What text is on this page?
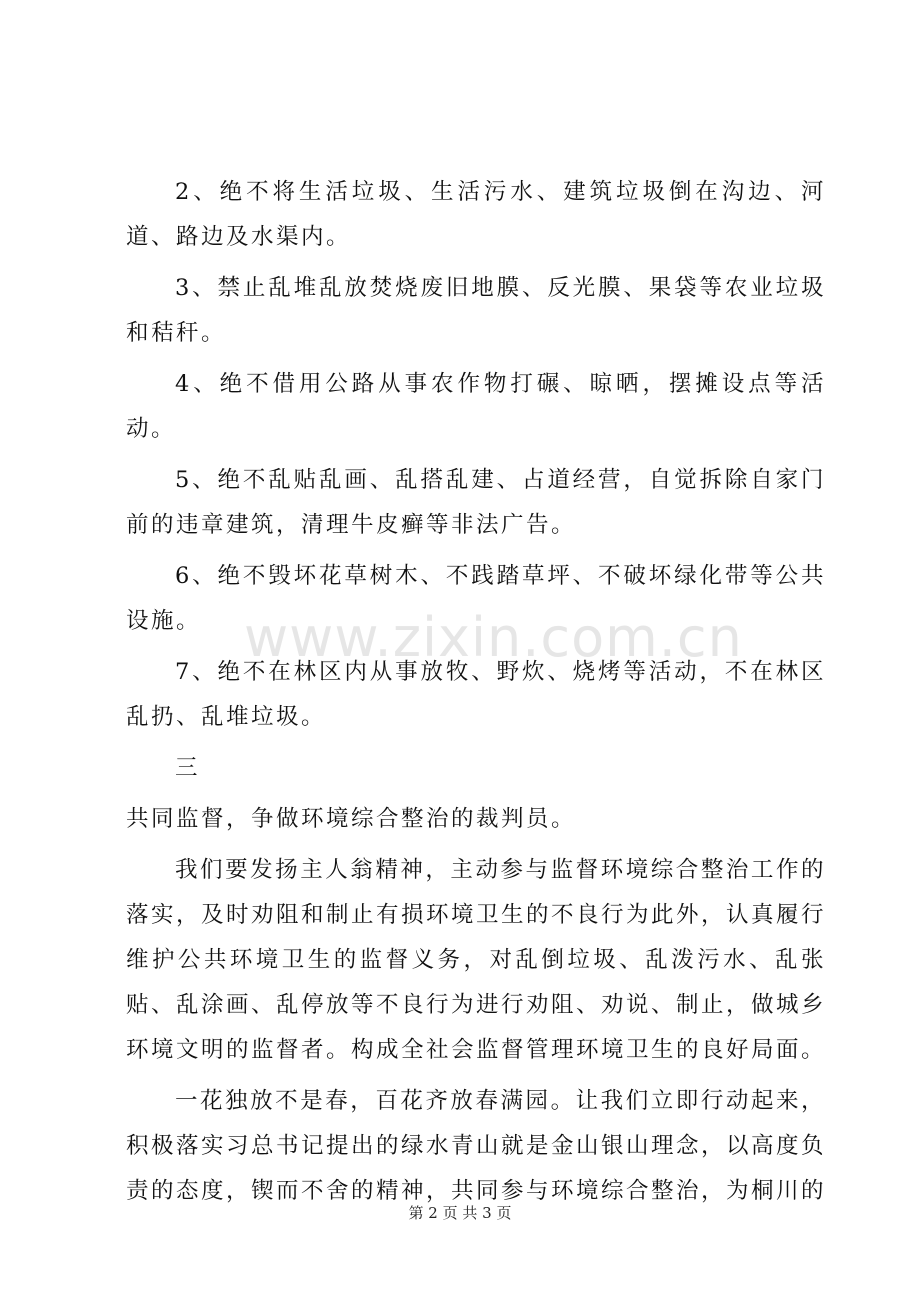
www.zixin.com.cn

2、绝不将生活垃圾、生活污水、建筑垃圾倒在沟边、河道、路边及水渠内。

3、禁止乱堆乱放焚烧废旧地膜、反光膜、果袋等农业垃圾和秸秆。

4、绝不借用公路从事农作物打碾、晾晒，摆摊设点等活动。

5、绝不乱贴乱画、乱搭乱建、占道经营，自觉拆除自家门前的违章建筑，清理牛皮癣等非法广告。

6、绝不毁坏花草树木、不践踏草坪、不破坏绿化带等公共设施。

7、绝不在林区内从事放牧、野炊、烧烤等活动，不在林区乱扔、乱堆垃圾。

三

共同监督，争做环境综合整治的裁判员。

我们要发扬主人翁精神，主动参与监督环境综合整治工作的落实，及时劝阻和制止有损环境卫生的不良行为此外，认真履行维护公共环境卫生的监督义务，对乱倒垃圾、乱泼污水、乱张贴、乱涂画、乱停放等不良行为进行劝阻、劝说、制止，做城乡环境文明的监督者。构成全社会监督管理环境卫生的良好局面。

一花独放不是春，百花齐放春满园。让我们立即行动起来，积极落实习总书记提出的绿水青山就是金山银山理念，以高度负责的态度，锲而不舍的精神，共同参与环境综合整治，为桐川的

第 2 页 共 3 页
